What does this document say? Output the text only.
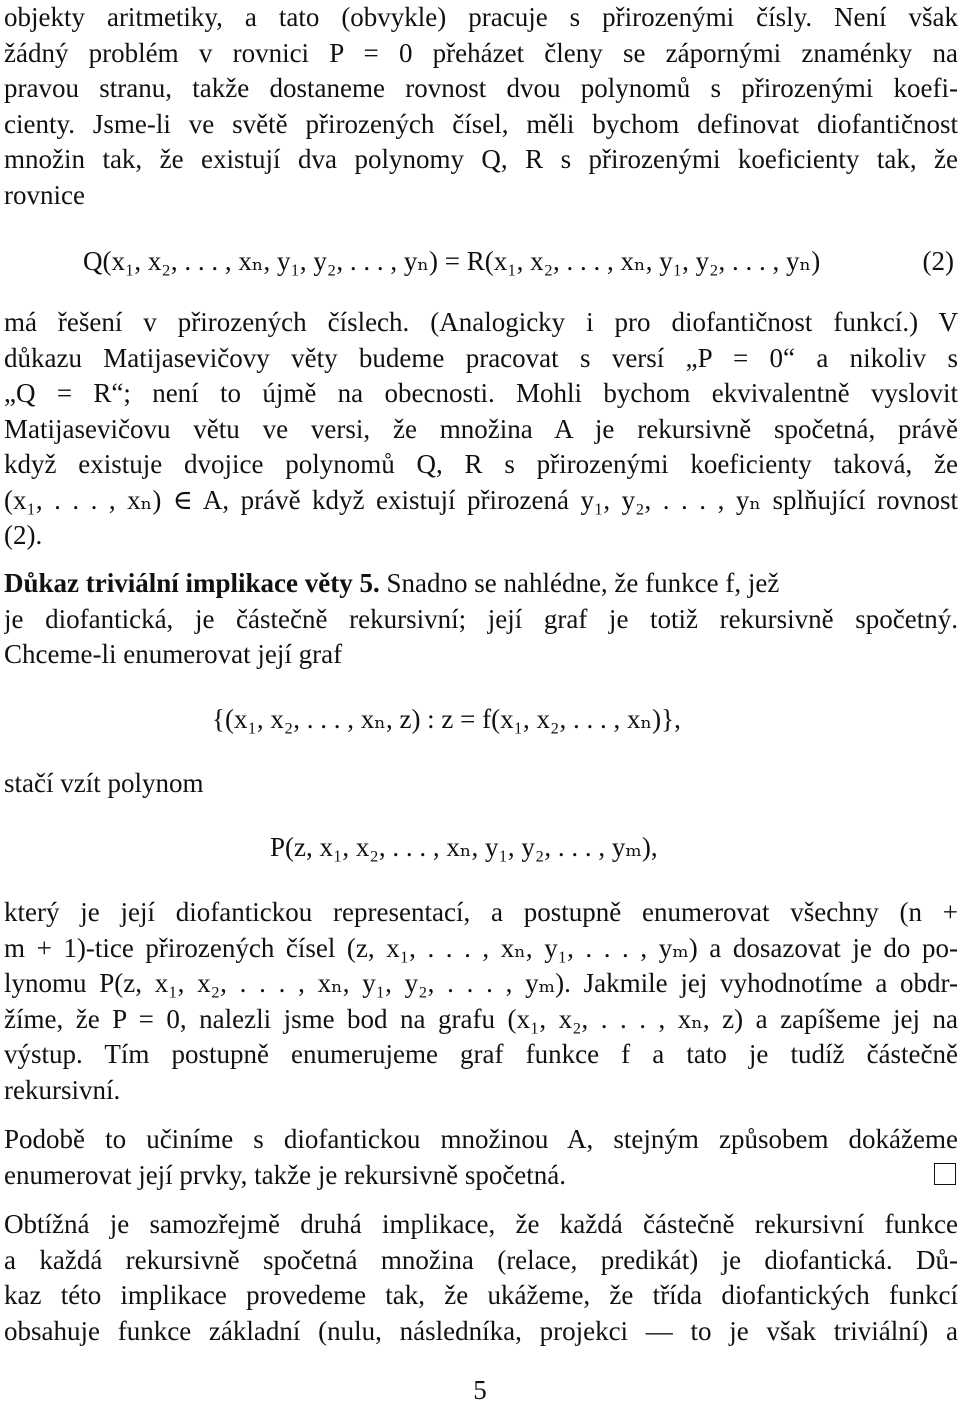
objekty aritmetiky, a tato (obvykle) pracuje s přirozenými čísly. Není však
žádný problém v rovnici P = 0 přeházet členy se zápornými znaménky na
pravou stranu, takže dostaneme rovnost dvou polynomů s přirozenými koefi-
cienty. Jsme-li ve světě přirozených čísel, měli bychom definovat diofantičnost
množin tak, že existují dva polynomy Q, R s přirozenými koeficienty tak, že
rovnice
Q(x₁, x₂, . . . , xₙ, y₁, y₂, . . . , yₙ) = R(x₁, x₂, . . . , xₙ, y₁, y₂, . . . , yₙ)	(2)
má řešení v přirozených číslech. (Analogicky i pro diofantičnost funkcí.) V
důkazu Matijasevičovy věty budeme pracovat s versí „P = 0“ a nikoliv s
„Q = R“; není to újmě na obecnosti. Mohli bychom ekvivalentně vyslovit
Matijasevičovu větu ve versi, že množina A je rekursivně spočetná, právě
když existuje dvojice polynomů Q, R s přirozenými koeficienty taková, že
(x₁, . . . , xₙ) ∈ A, právě když existují přirozená y₁, y₂, . . . , yₙ splňující rovnost
(2).
Důkaz triviální implikace věty 5. Snadno se nahlédne, že funkce f, jež
je diofantická, je částečně rekursivní; její graf je totiž rekursivně spočetný.
Chceme-li enumerovat její graf
{(x₁, x₂, . . . , xₙ, z) : z = f(x₁, x₂, . . . , xₙ)},
stačí vzít polynom
P(z, x₁, x₂, . . . , xₙ, y₁, y₂, . . . , yₘ),
který je její diofantickou representací, a postupně enumerovat všechny (n +
m + 1)-tice přirozených čísel (z, x₁, . . . , xₙ, y₁, . . . , yₘ) a dosazovat je do po-
lynomu P(z, x₁, x₂, . . . , xₙ, y₁, y₂, . . . , yₘ). Jakmile jej vyhodnotíme a obdr-
žíme, že P = 0, nalezli jsme bod na grafu (x₁, x₂, . . . , xₙ, z) a zapíšeme jej na
výstup. Tím postupně enumerujeme graf funkce f a tato je tudíž částečně
rekursivní.
Podobě to učiníme s diofantickou množinou A, stejným způsobem dokážeme
enumerovat její prvky, takže je rekursivně spočetná.
Obtížná je samozřejmě druhá implikace, že každá částečně rekursivní funkce
a každá rekursivně spočetná množina (relace, predikát) je diofantická. Dů-
kaz této implikace provedeme tak, že ukážeme, že třída diofantických funkcí
obsahuje funkce základní (nulu, následníka, projekci — to je však triviální) a
5
